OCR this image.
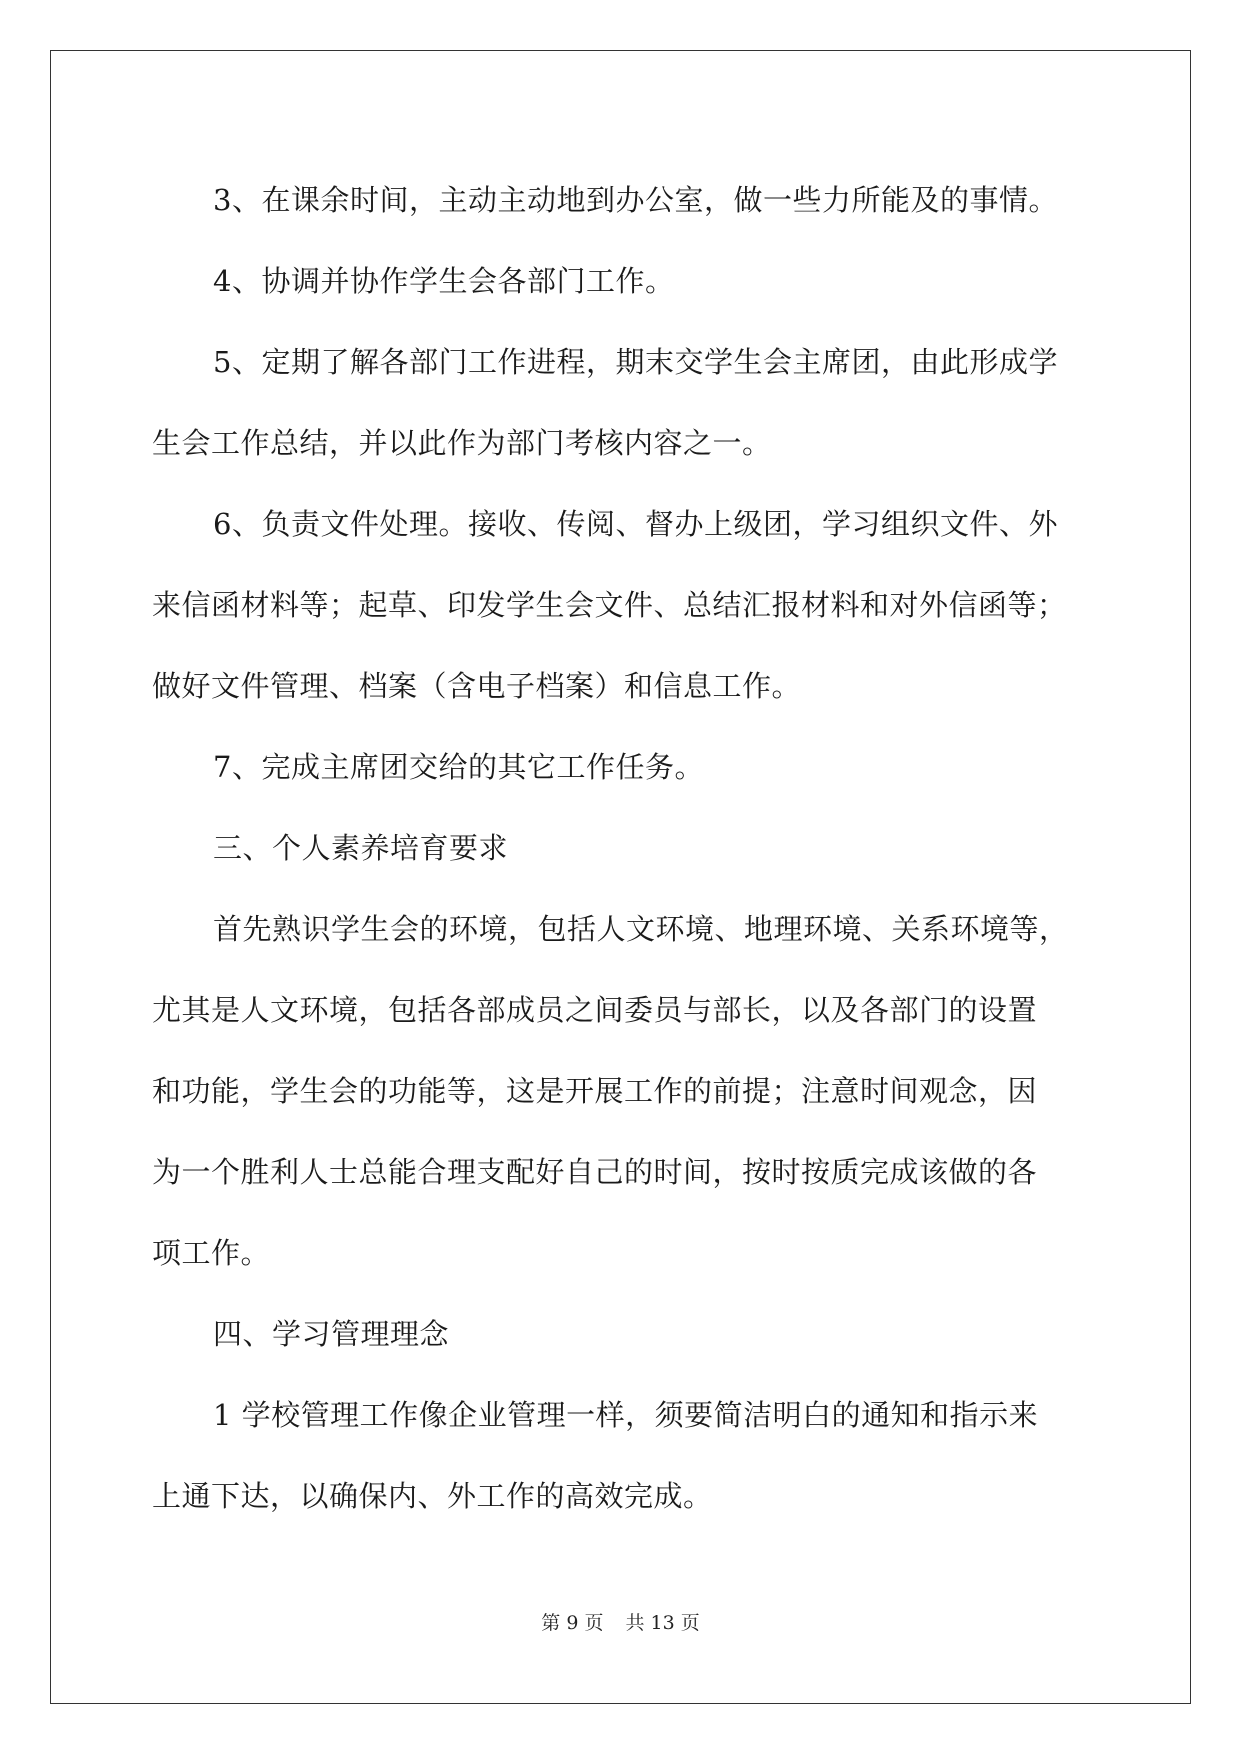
3、在课余时间，主动主动地到办公室，做一些力所能及的事情。
4、协调并协作学生会各部门工作。
5、定期了解各部门工作进程，期末交学生会主席团，由此形成学
生会工作总结，并以此作为部门考核内容之一。
6、负责文件处理。接收、传阅、督办上级团，学习组织文件、外
来信函材料等；起草、印发学生会文件、总结汇报材料和对外信函等；
做好文件管理、档案（含电子档案）和信息工作。
7、完成主席团交给的其它工作任务。
三、个人素养培育要求
首先熟识学生会的环境，包括人文环境、地理环境、关系环境等，
尤其是人文环境，包括各部成员之间委员与部长，以及各部门的设置
和功能，学生会的功能等，这是开展工作的前提；注意时间观念，因
为一个胜利人士总能合理支配好自己的时间，按时按质完成该做的各
项工作。
四、学习管理理念
1 学校管理工作像企业管理一样，须要简洁明白的通知和指示来
上通下达，以确保内、外工作的高效完成。
第 9 页 共 13 页
